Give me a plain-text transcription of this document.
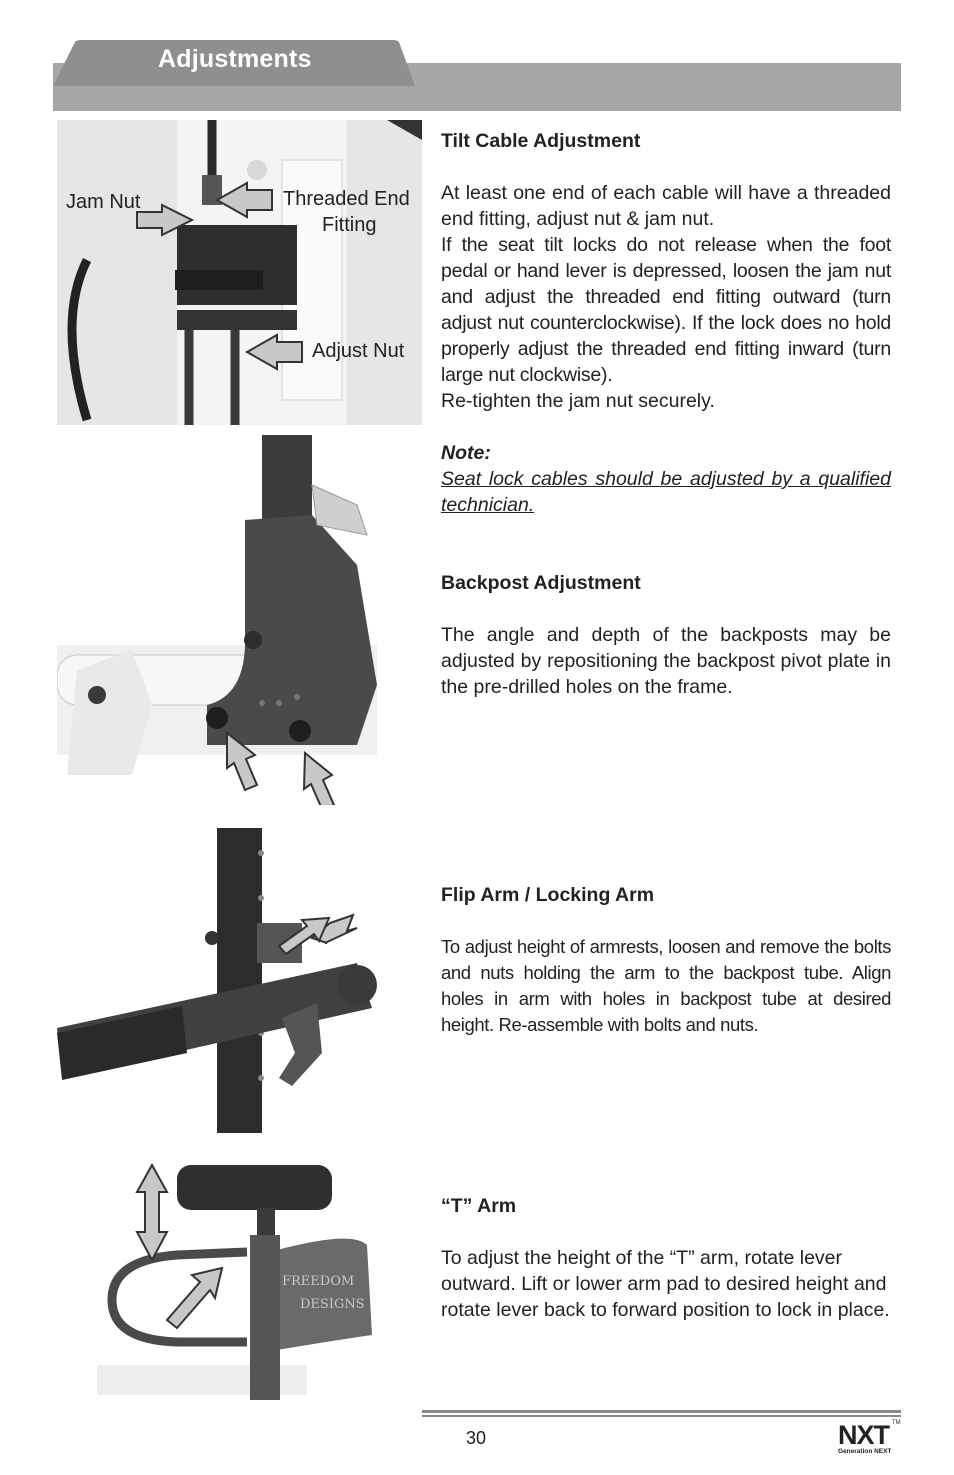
Adjustments
Jam Nut	Threaded End
Fitting
Adjust Nut
FREEDOM
DESIGNS
Tilt Cable Adjustment
At least one end of each cable will have a threaded end fitting, adjust nut & jam nut.
If the seat tilt locks do not release when the foot pedal or hand lever is depressed, loosen the jam nut and adjust the threaded end fitting outward (turn adjust nut counterclockwise). If the lock does no hold properly adjust the threaded end fitting inward (turn large nut clockwise).
Re-tighten the jam nut securely.
Note:
Seat lock cables should be adjusted by a qualified technician.
Backpost Adjustment
The angle and depth of the backposts may be adjusted by repositioning the backpost pivot plate in the pre-drilled holes on the frame.
Flip Arm / Locking Arm
To adjust height of armrests, loosen and remove the bolts and nuts holding the arm to the backpost tube. Align holes in arm with holes in backpost tube at desired height. Re-assemble with bolts and nuts.
“T” Arm
To adjust the height of the “T” arm, rotate lever outward. Lift or lower arm pad to desired height and rotate lever back to forward position to lock in place.
30	NXT TM
Generation NEXT
